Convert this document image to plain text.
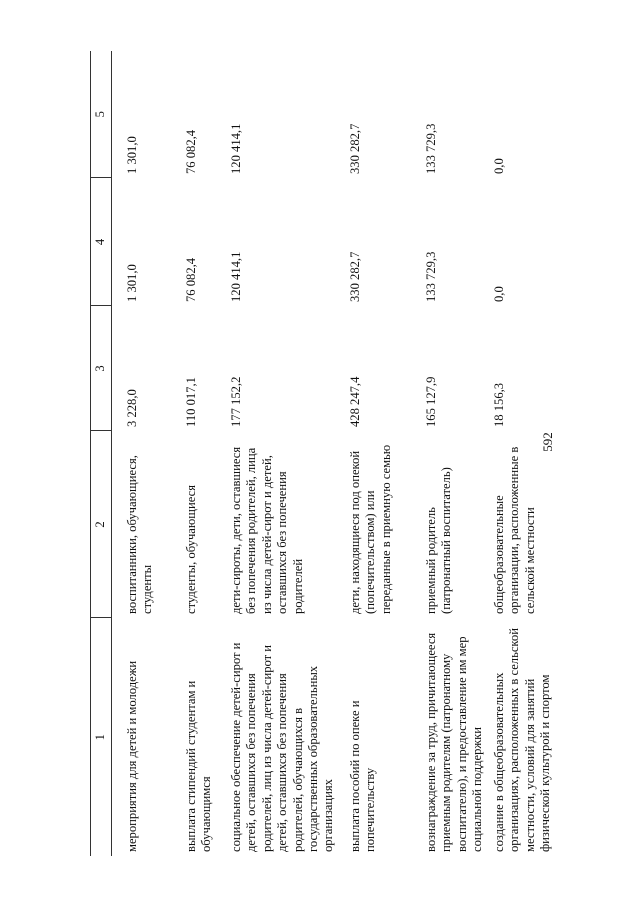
592
1	2	3	4	5
мероприятия для детей и молодежи	воспитанники, обучающиеся, студенты	3 228,0	1 301,0	1 301,0
выплата стипендий студентам и обучающимся	студенты, обучающиеся	110 017,1	76 082,4	76 082,4
социальное обеспечение детей-сирот и детей, оставшихся без попечения родителей, лиц из числа детей-сирот и детей, оставшихся без попечения родителей, обучающихся в государственных образовательных организациях	дети-сироты, дети, оставшиеся без попечения родителей, лица из числа детей-сирот и детей, оставшихся без попечения родителей	177 152,2	120 414,1	120 414,1
выплата пособий по опеке и попечительству	дети, находящиеся под опекой (попечительством) или переданные в приемную семью	428 247,4	330 282,7	330 282,7
вознаграждение за труд, причитающееся приемным родителям (патронатному воспитателю), и предоставление им мер социальной поддержки	приемный родитель (патронатный воспитатель)	165 127,9	133 729,3	133 729,3
создание в общеобразовательных организациях, расположенных в сельской местности, условий для занятий физической культурой и спортом	общеобразовательные организации, расположенные в сельской местности	18 156,3	0,0	0,0
